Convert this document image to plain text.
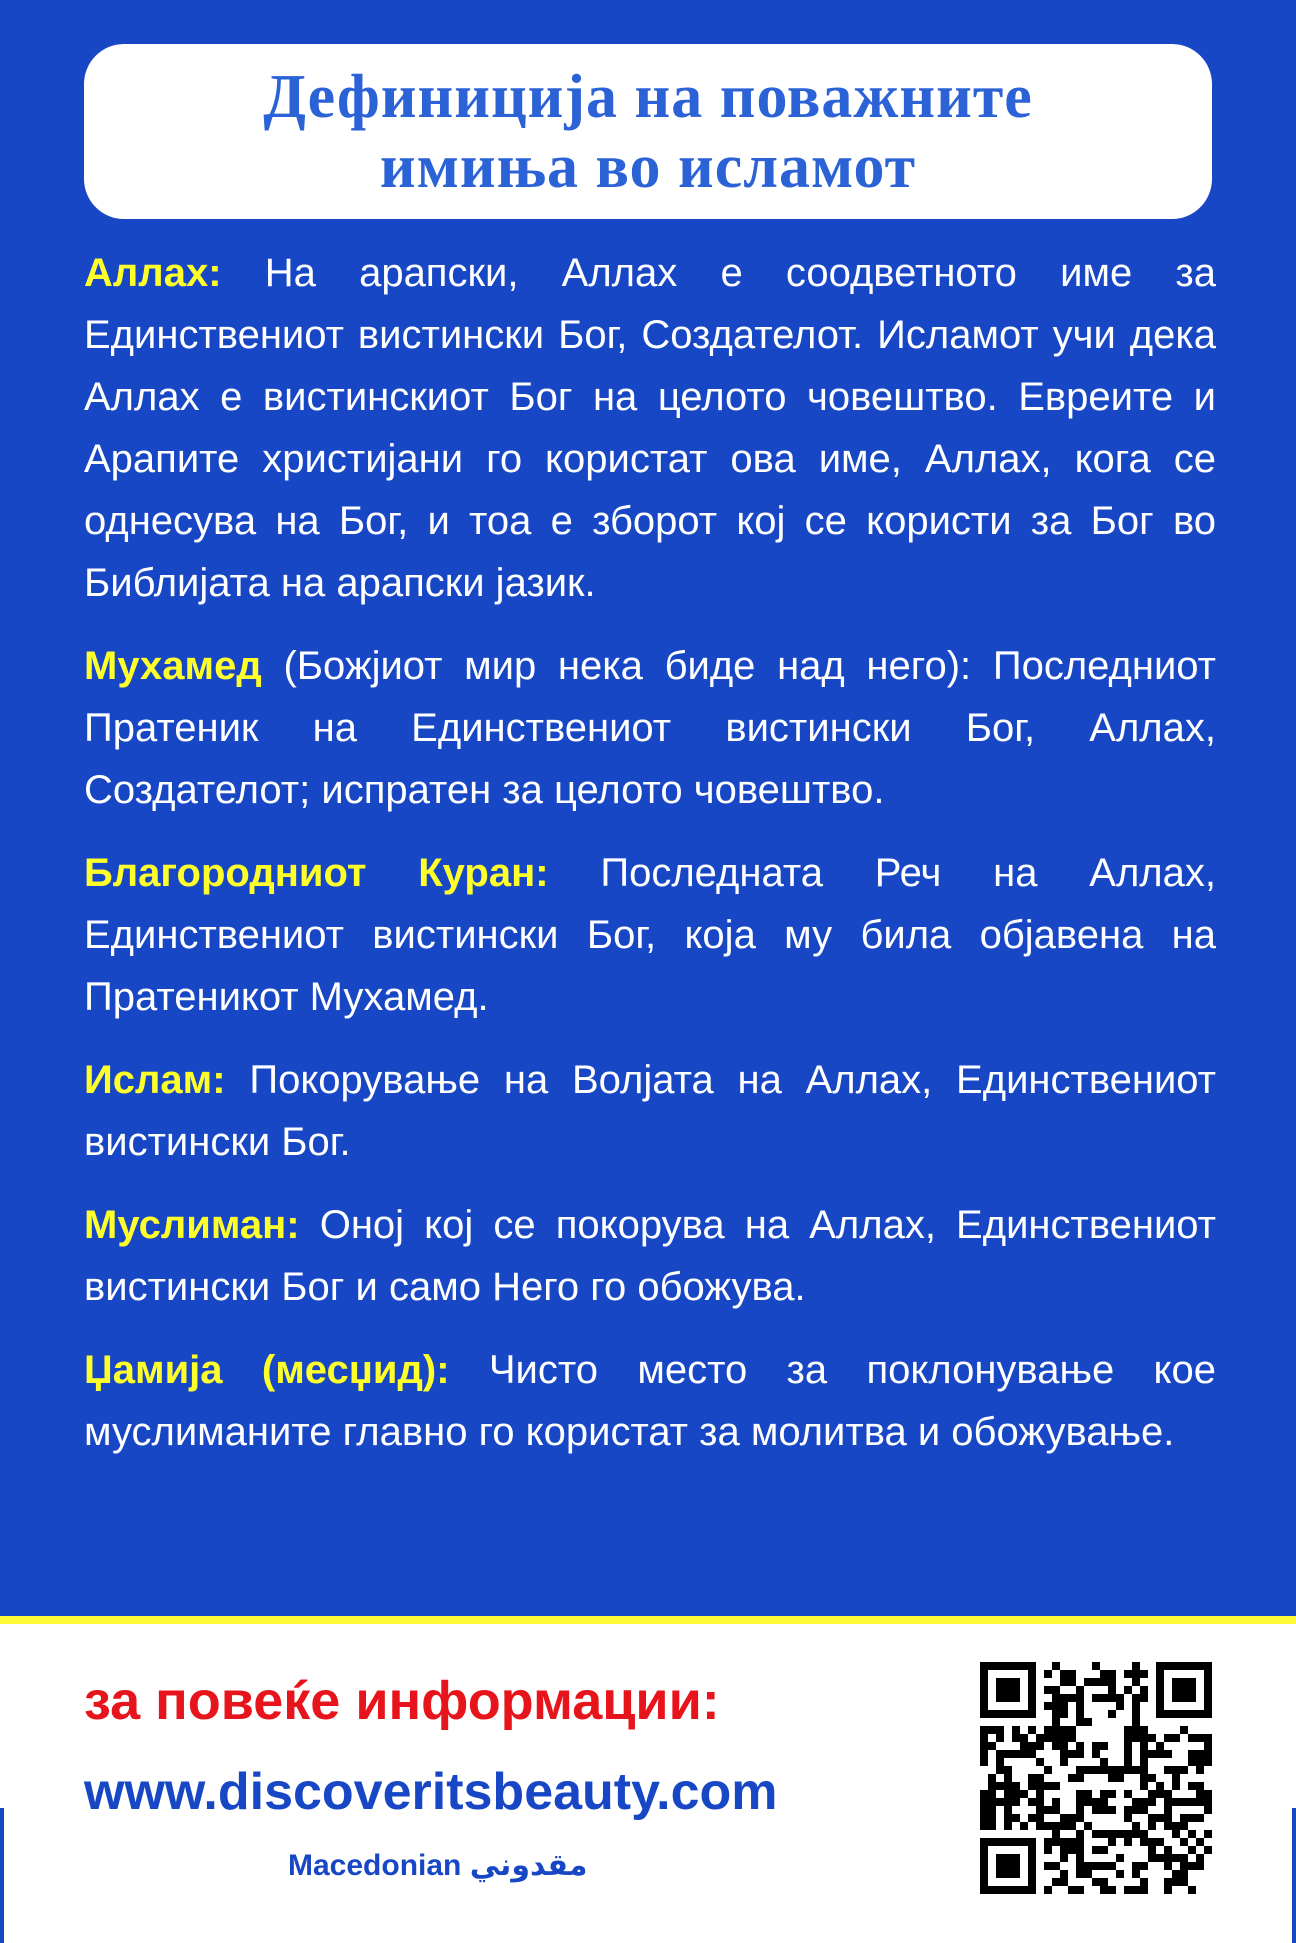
Дефиниција на поважните
имиња во исламот

Аллах: На арапски, Аллах е соодветното име за Единствениот вистински Бог, Создателот. Исламот учи дека Аллах е вистинскиот Бог на целото човештво. Евреите и Арапите христијани го користат ова име, Аллах, кога се однесува на Бог, и тоа е зборот кој се користи за Бог во Библијата на арапски јазик.

Мухамед (Божјиот мир нека биде над него): Последниот Пратеник на Единствениот вистински Бог, Аллах, Создателот; испратен за целото човештво.

Благородниот Куран: Последната Реч на Аллах, Единствениот вистински Бог, која му била објавена на Пратеникот Мухамед.

Ислам: Покорување на Волјата на Аллах, Единствениот вистински Бог.

Муслиман: Оној кој се покорува на Аллах, Единствениот вистински Бог и само Него го обожува.

Џамија (месџид): Чисто место за поклонување кое муслиманите главно го користат за молитва и обожување.

за повеќе информации:
www.discoveritsbeauty.com
Macedonian مقدوني
